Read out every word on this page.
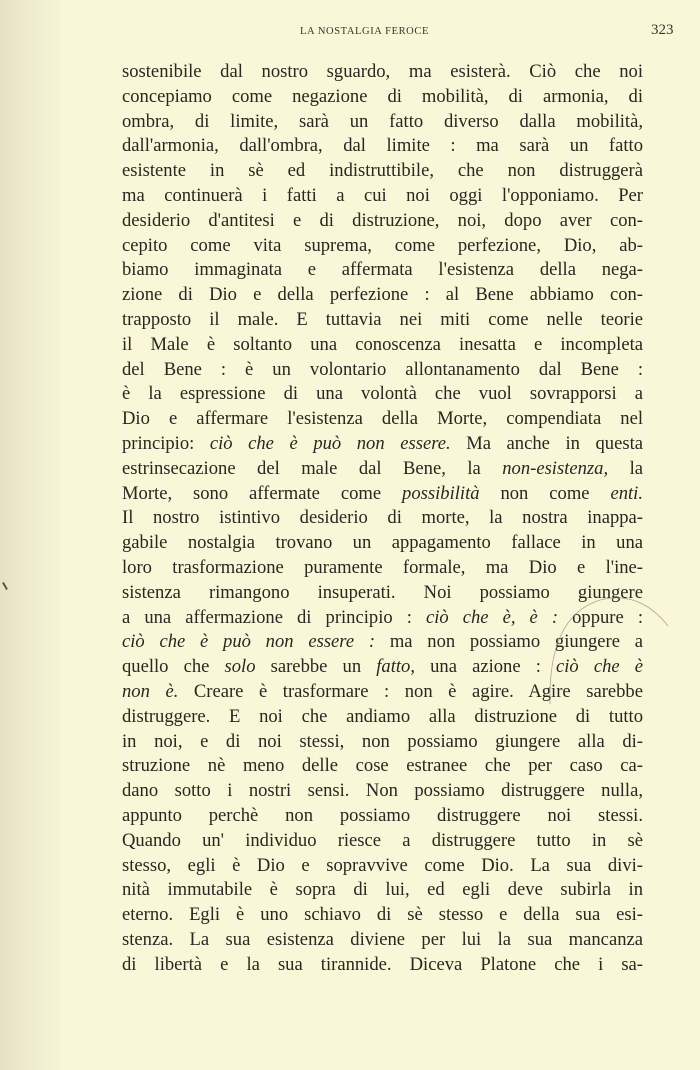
LA NOSTALGIA FEROCE	323
sostenibile dal nostro sguardo, ma esisterà. Ciò che noi
concepiamo come negazione di mobilità, di armonia, di
ombra, di limite, sarà un fatto diverso dalla mobilità,
dall'armonia, dall'ombra, dal limite : ma sarà un fatto
esistente in sè ed indistruttibile, che non distruggerà
ma continuerà i fatti a cui noi oggi l'opponiamo. Per
desiderio d'antitesi e di distruzione, noi, dopo aver con-
cepito come vita suprema, come perfezione, Dio, ab-
biamo immaginata e affermata l'esistenza della nega-
zione di Dio e della perfezione : al Bene abbiamo con-
trapposto il male. E tuttavia nei miti come nelle teorie
il Male è soltanto una conoscenza inesatta e incompleta
del Bene : è un volontario allontanamento dal Bene :
è la espressione di una volontà che vuol sovrapporsi a
Dio e affermare l'esistenza della Morte, compendiata nel
principio: ciò che è può non essere. Ma anche in questa
estrinsecazione del male dal Bene, la non-esistenza, la
Morte, sono affermate come possibilità non come enti.
Il nostro istintivo desiderio di morte, la nostra inappa-
gabile nostalgia trovano un appagamento fallace in una
loro trasformazione puramente formale, ma Dio e l'ine-
sistenza rimangono insuperati. Noi possiamo giungere
a una affermazione di principio : ciò che è, è : oppure :
ciò che è può non essere : ma non possiamo giungere a
quello che solo sarebbe un fatto, una azione : ciò che è
non è. Creare è trasformare : non è agire. Agire sarebbe
distruggere. E noi che andiamo alla distruzione di tutto
in noi, e di noi stessi, non possiamo giungere alla di-
struzione nè meno delle cose estranee che per caso ca-
dano sotto i nostri sensi. Non possiamo distruggere nulla,
appunto perchè non possiamo distruggere noi stessi.
Quando un' individuo riesce a distruggere tutto in sè
stesso, egli è Dio e sopravvive come Dio. La sua divi-
nità immutabile è sopra di lui, ed egli deve subirla in
eterno. Egli è uno schiavo di sè stesso e della sua esi-
stenza. La sua esistenza diviene per lui la sua mancanza
di libertà e la sua tirannide. Diceva Platone che i sa-
